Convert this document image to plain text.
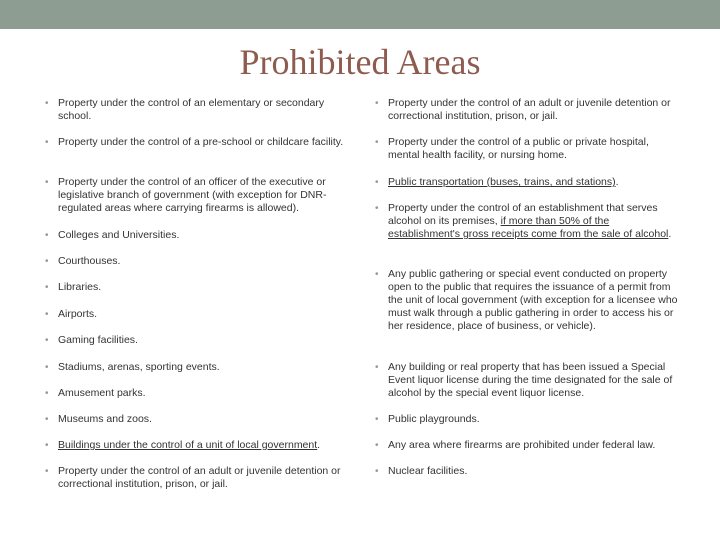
Prohibited Areas
• Property under the control of an elementary or secondary school.
• Property under the control of a pre-school or childcare facility.
• Property under the control of an officer of the executive or legislative branch of government (with exception for DNR-regulated areas where carrying firearms is allowed).
• Colleges and Universities.
• Courthouses.
• Libraries.
• Airports.
• Gaming facilities.
• Stadiums, arenas, sporting events.
• Amusement parks.
• Museums and zoos.
• Buildings under the control of a unit of local government.
• Property under the control of an adult or juvenile detention or correctional institution, prison, or jail.
• Property under the control of an adult or juvenile detention or correctional institution, prison, or jail.
• Property under the control of a public or private hospital, mental health facility, or nursing home.
• Public transportation (buses, trains, and stations).
• Property under the control of an establishment that serves alcohol on its premises, if more than 50% of the establishment's gross receipts come from the sale of alcohol.
• Any public gathering or special event conducted on property open to the public that requires the issuance of a permit from the unit of local government (with exception for a licensee who must walk through a public gathering in order to access his or her residence, place of business, or vehicle).
• Any building or real property that has been issued a Special Event liquor license during the time designated for the sale of alcohol by the special event liquor license.
• Public playgrounds.
• Any area where firearms are prohibited under federal law.
• Nuclear facilities.
